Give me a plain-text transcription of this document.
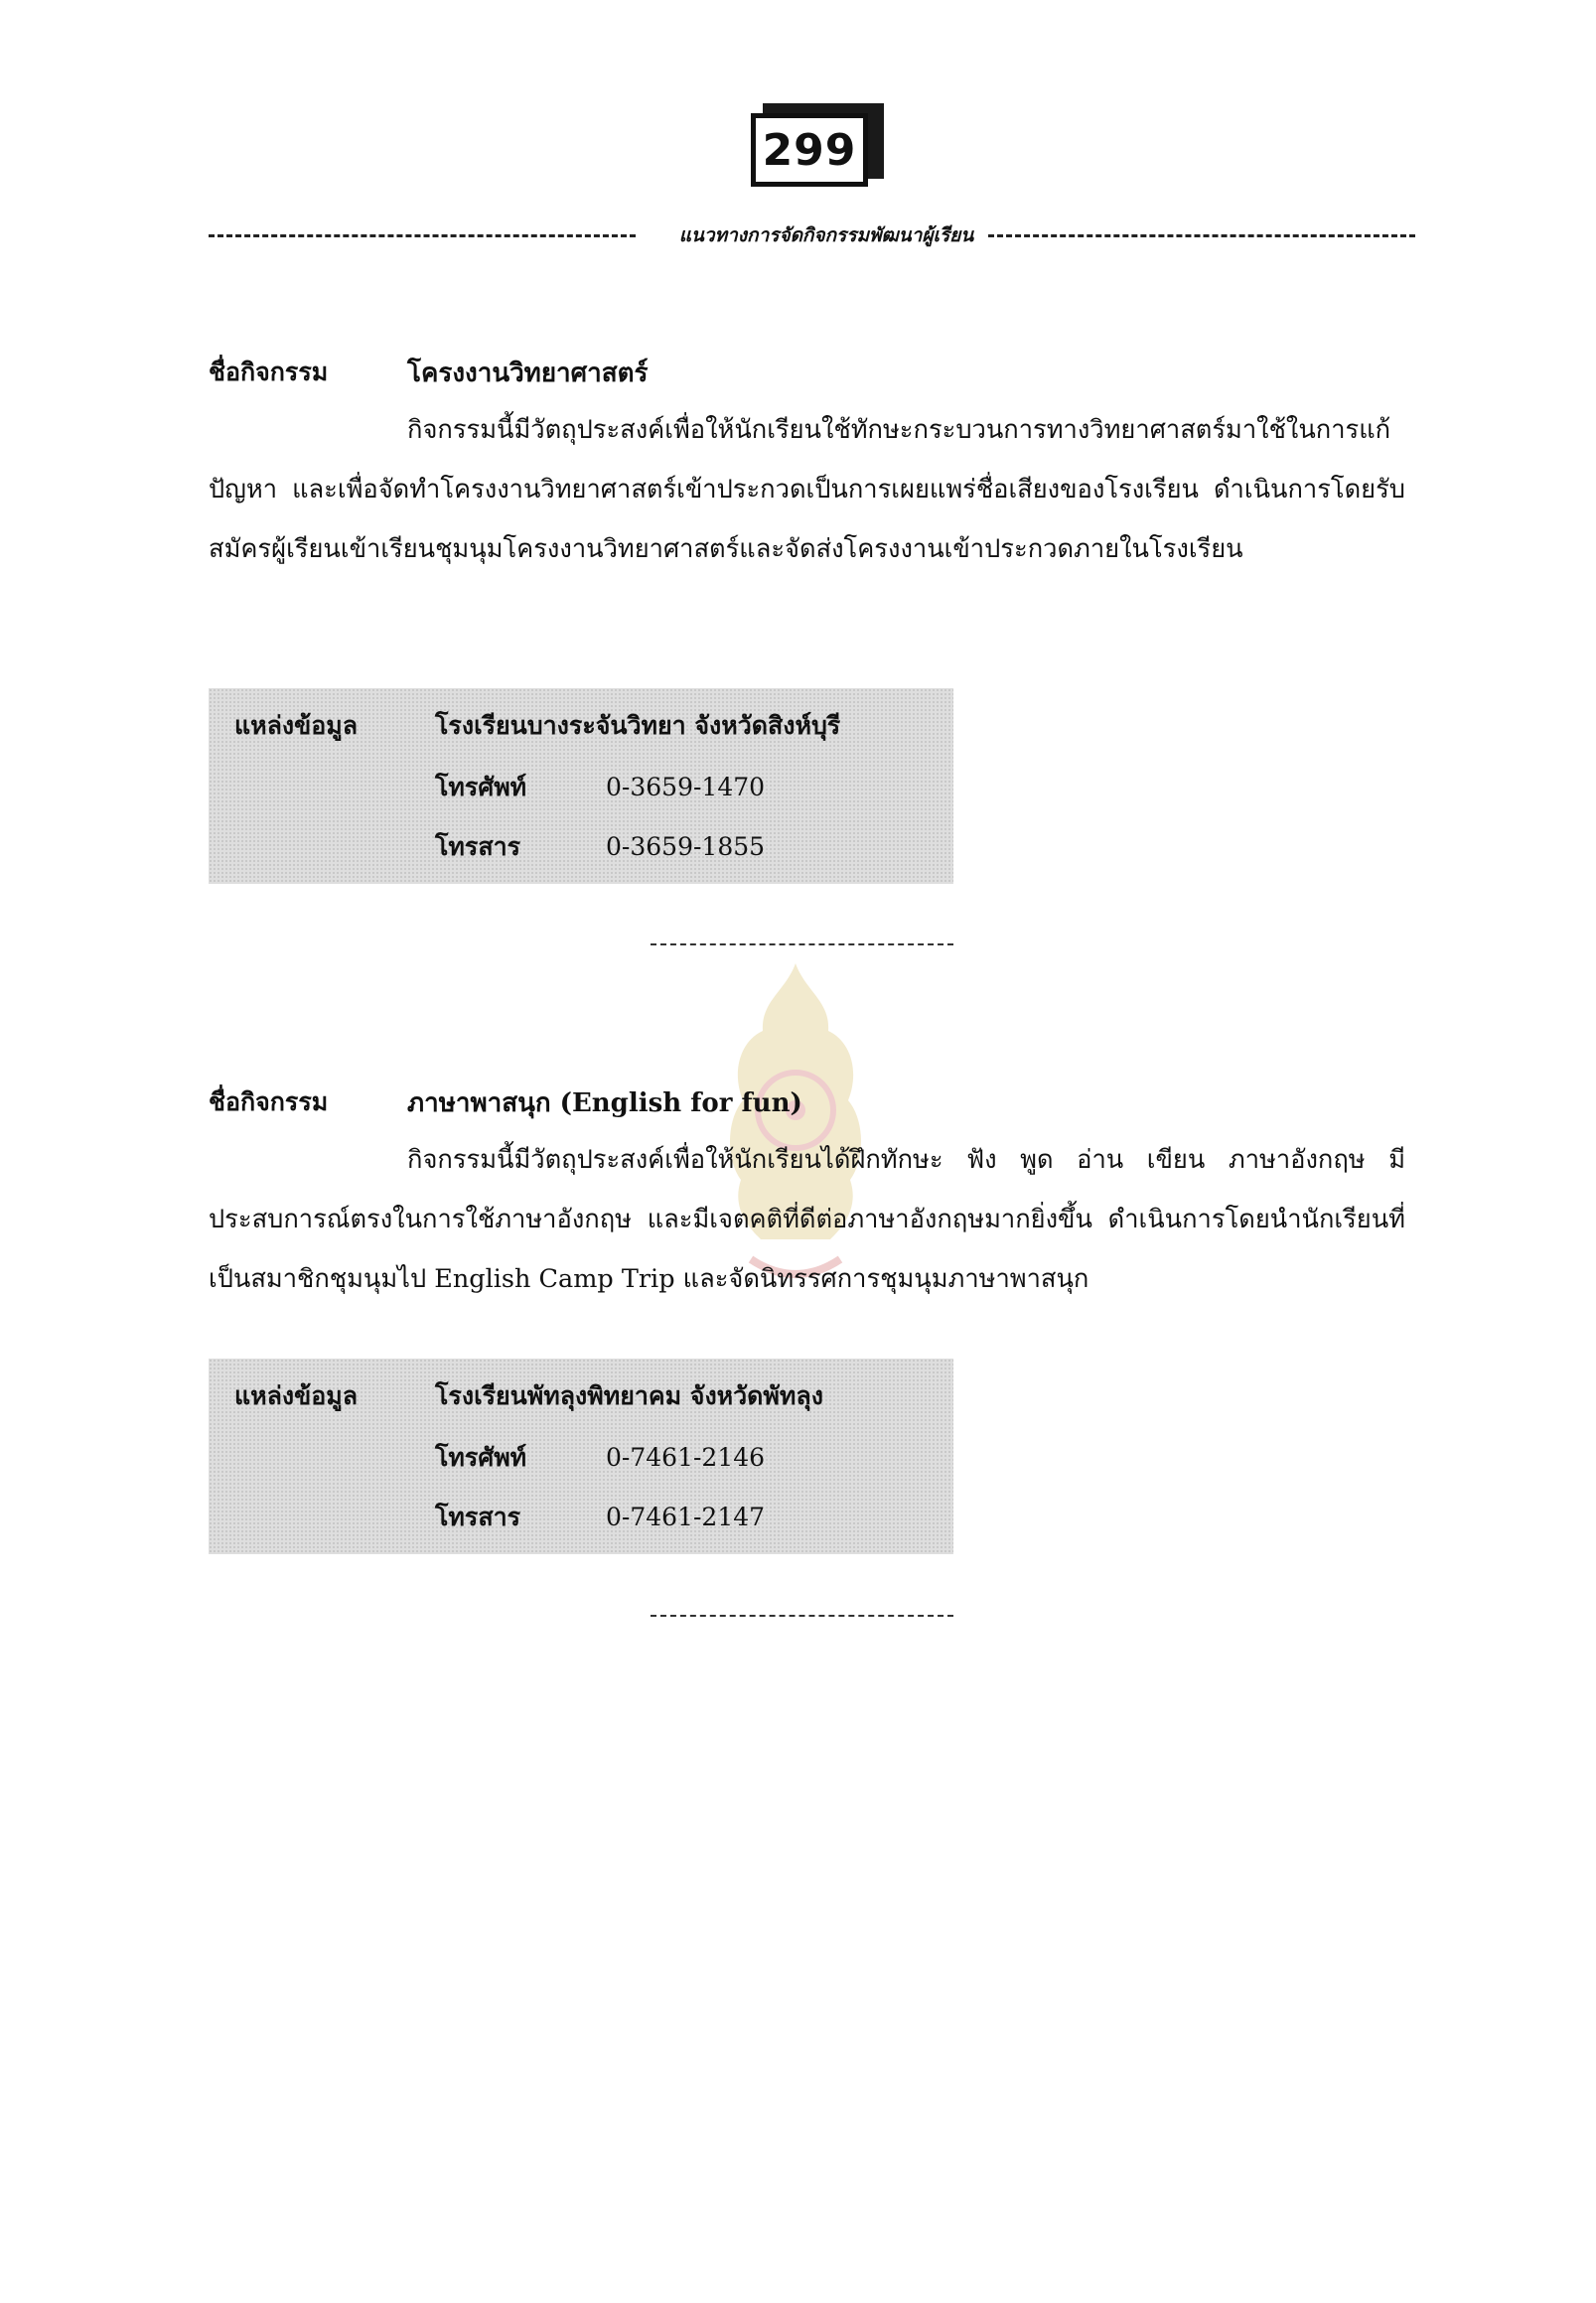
299
แนวทางการจัดกิจกรรมพัฒนาผู้เรียน
ชื่อกิจกรรม	โครงงานวิทยาศาสตร์

กิจกรรมนี้มีวัตถุประสงค์เพื่อให้นักเรียนใช้ทักษะกระบวนการทางวิทยาศาสตร์มาใช้ในการแก้ปัญหา และเพื่อจัดทำโครงงานวิทยาศาสตร์เข้าประกวดเป็นการเผยแพร่ชื่อเสียงของโรงเรียน ดำเนินการโดยรับสมัครผู้เรียนเข้าเรียนชุมนุมโครงงานวิทยาศาสตร์และจัดส่งโครงงานเข้าประกวดภายในโรงเรียน

แหล่งข้อมูล	โรงเรียนบางระจันวิทยา จังหวัดสิงห์บุรี
โทรศัพท์	0-3659-1470
โทรสาร	0-3659-1855
ชื่อกิจกรรม	ภาษาพาสนุก (English for fun)

กิจกรรมนี้มีวัตถุประสงค์เพื่อให้นักเรียนได้ฝึกทักษะ ฟัง พูด อ่าน เขียน ภาษาอังกฤษ มีประสบการณ์ตรงในการใช้ภาษาอังกฤษ และมีเจตคติที่ดีต่อภาษาอังกฤษมากยิ่งขึ้น ดำเนินการโดยนำนักเรียนที่เป็นสมาชิกชุมนุมไป English Camp Trip และจัดนิทรรศการชุมนุมภาษาพาสนุก

แหล่งข้อมูล	โรงเรียนพัทลุงพิทยาคม จังหวัดพัทลุง
โทรศัพท์	0-7461-2146
โทรสาร	0-7461-2147
